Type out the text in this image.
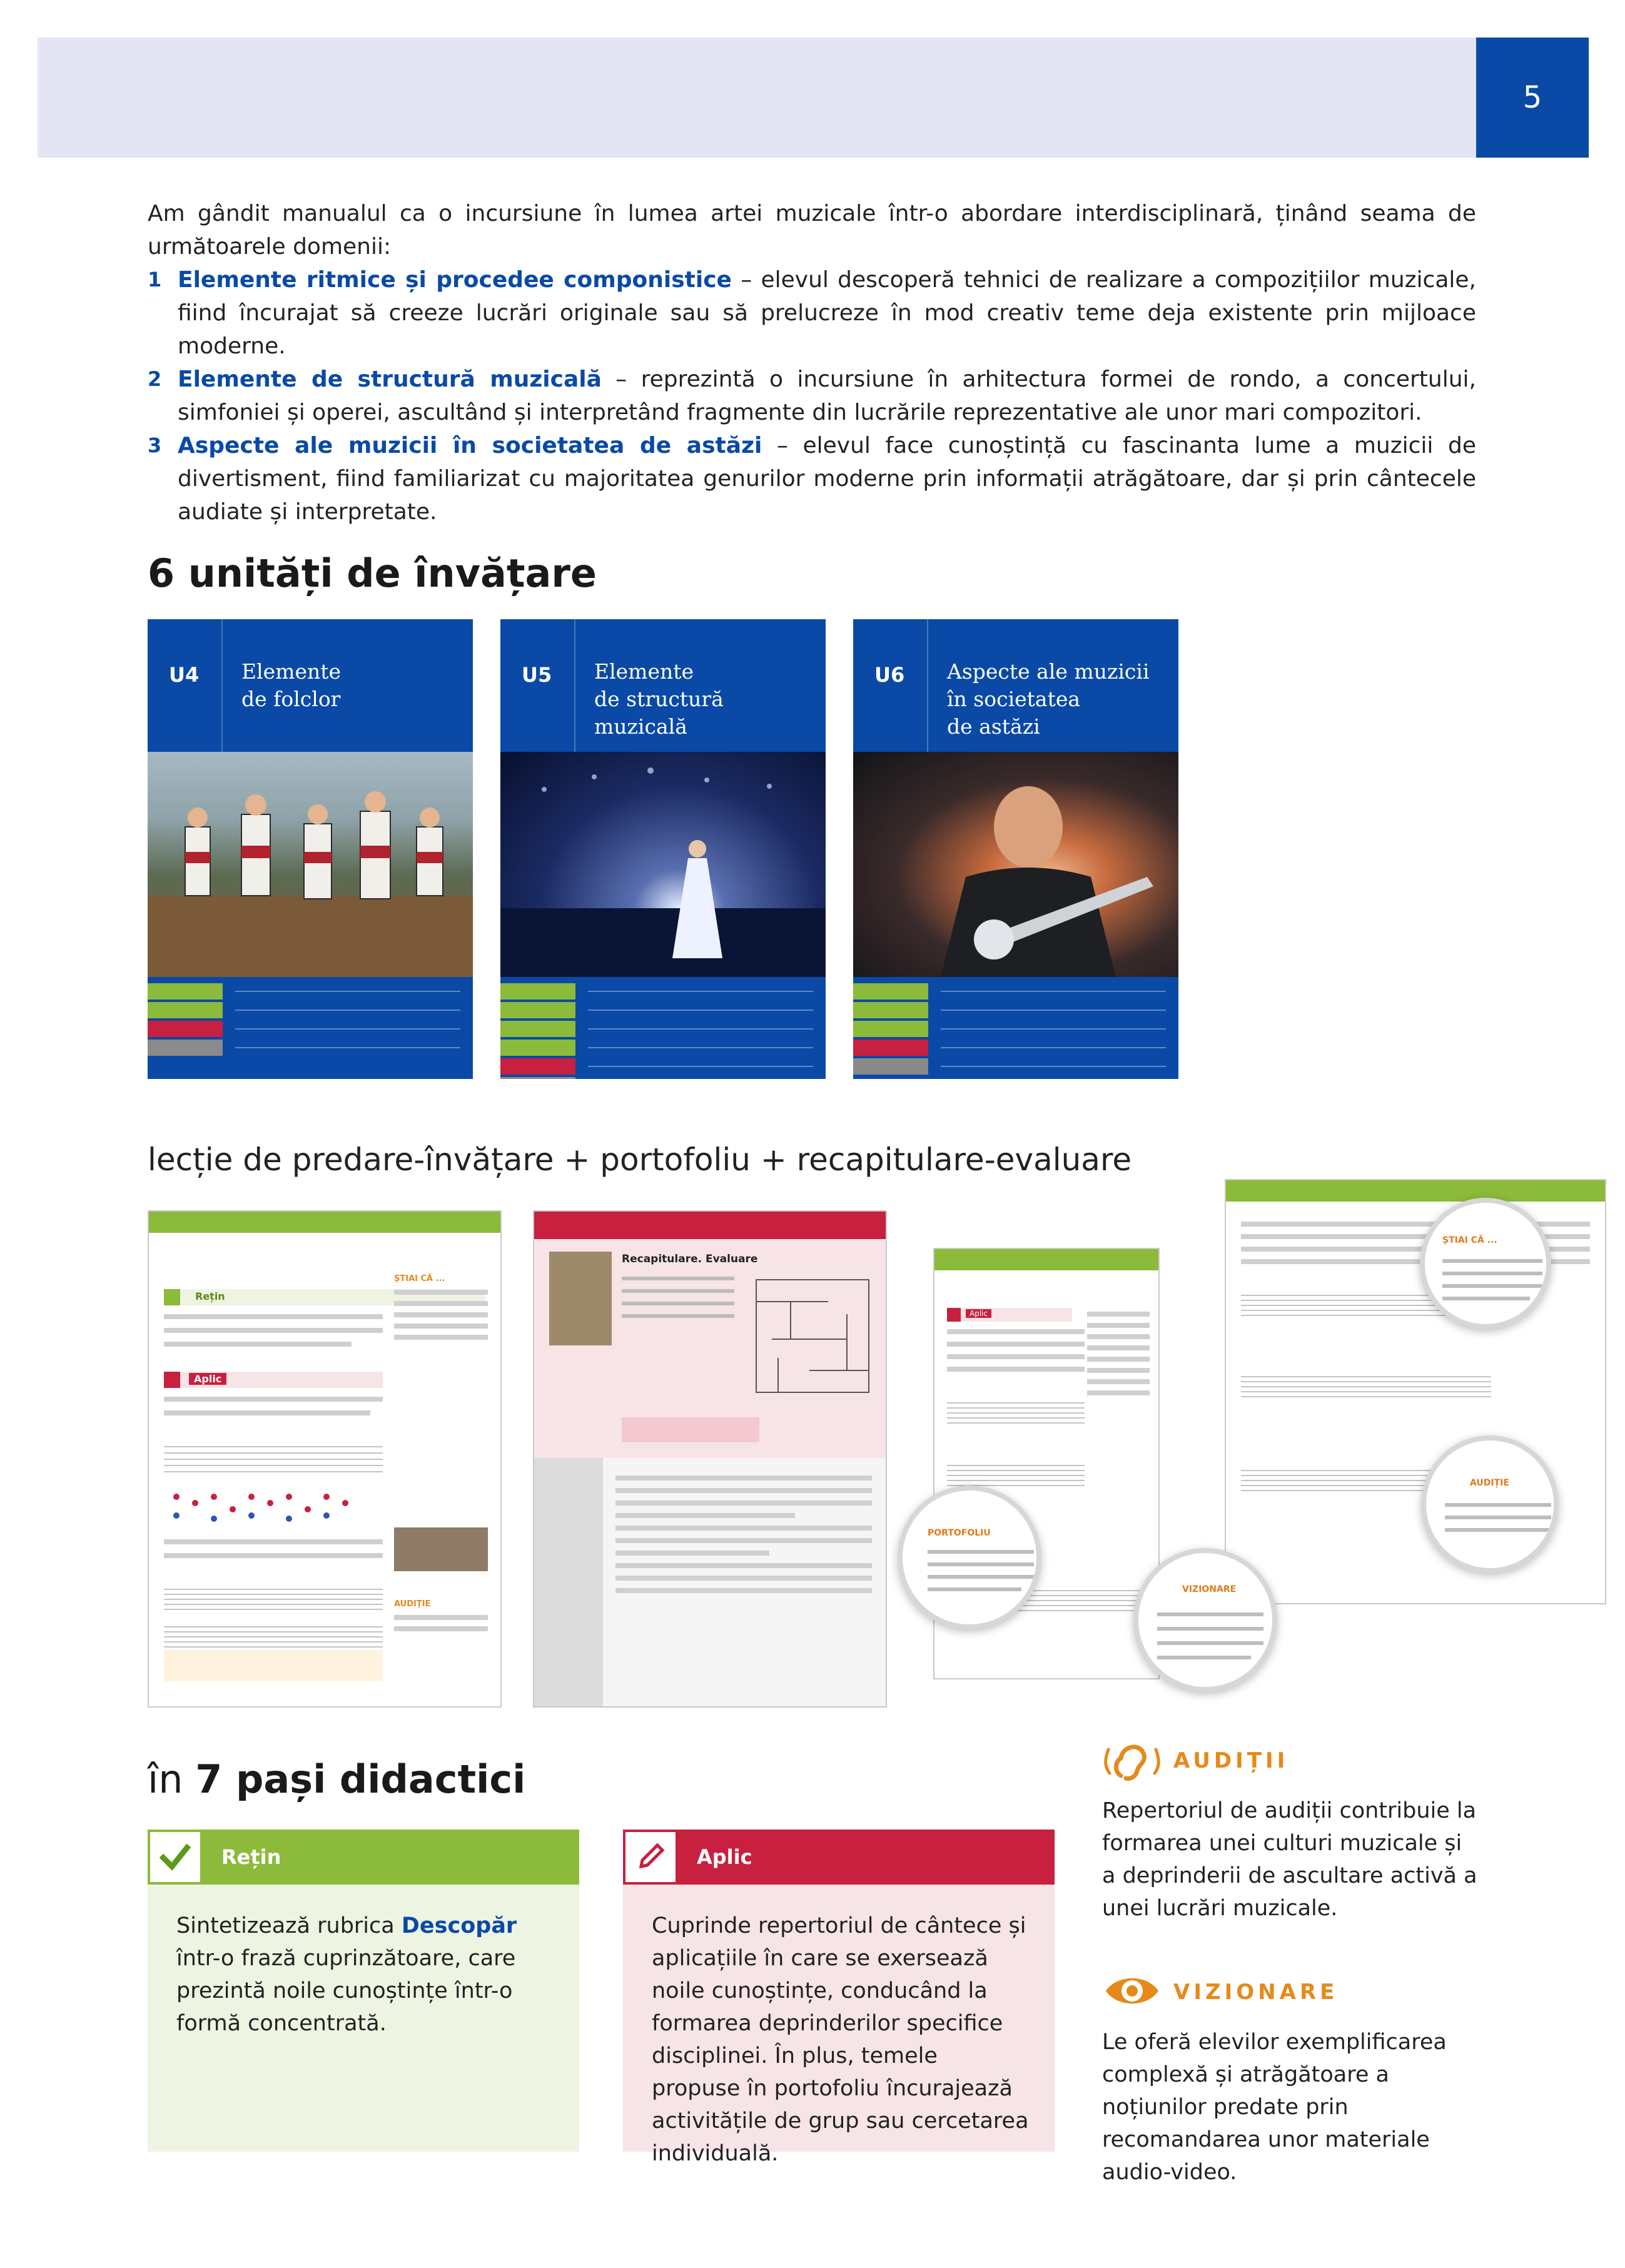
5

Am gândit manualul ca o incursiune în lumea artei muzicale într-o abordare interdisciplinară, ținând seama de următoarele domenii:

1 Elemente ritmice și procedee componistice – elevul descoperă tehnici de realizare a compozițiilor muzicale, fiind încurajat să creeze lucrări originale sau să prelucreze în mod creativ teme deja existente prin mijloace moderne.
2 Elemente de structură muzicală – reprezintă o incursiune în arhitectura formei de rondo, a concertului, simfoniei și operei, ascultând și interpretând fragmente din lucrările reprezentative ale unor mari compozitori.
3 Aspecte ale muzicii în societatea de astăzi – elevul face cunoștință cu fascinanta lume a muzicii de divertisment, fiind familiarizat cu majoritatea genurilor moderne prin informații atrăgătoare, dar și prin cântecele audiate și interpretate.
6 unități de învățare
U4 Elemente
de folclor
U5 Elemente
de structură
muzicală
U6 Aspecte ale muzicii
în societatea
de astăzi
lecție de predare-învățare + portofoliu + recapitulare-evaluare
Rețin
Aplic
ȘTIAI CĂ ...
AUDIȚIE
Recapitulare. Evaluare
Aplic
ȘTIAI CĂ ...
AUDIȚIE
PORTOFOLIU
VIZIONARE
în 7 pași didactici
Rețin
Sintetizează rubrica Descopăr într-o frază cuprinzătoare, care prezintă noile cunoștințe într-o formă concentrată.
Aplic
Cuprinde repertoriul de cântece și aplicațiile în care se exersează noile cunoștințe, conducând la formarea deprinderilor specifice disciplinei. În plus, temele propuse în portofoliu încurajează activitățile de grup sau cercetarea individuală.
AUDIȚII
Repertoriul de audiții contribuie la formarea unei culturi muzicale și a deprinderii de ascultare activă a unei lucrări muzicale.
VIZIONARE
Le oferă elevilor exemplificarea complexă și atrăgătoare a noțiunilor predate prin recomandarea unor materiale audio-video.
